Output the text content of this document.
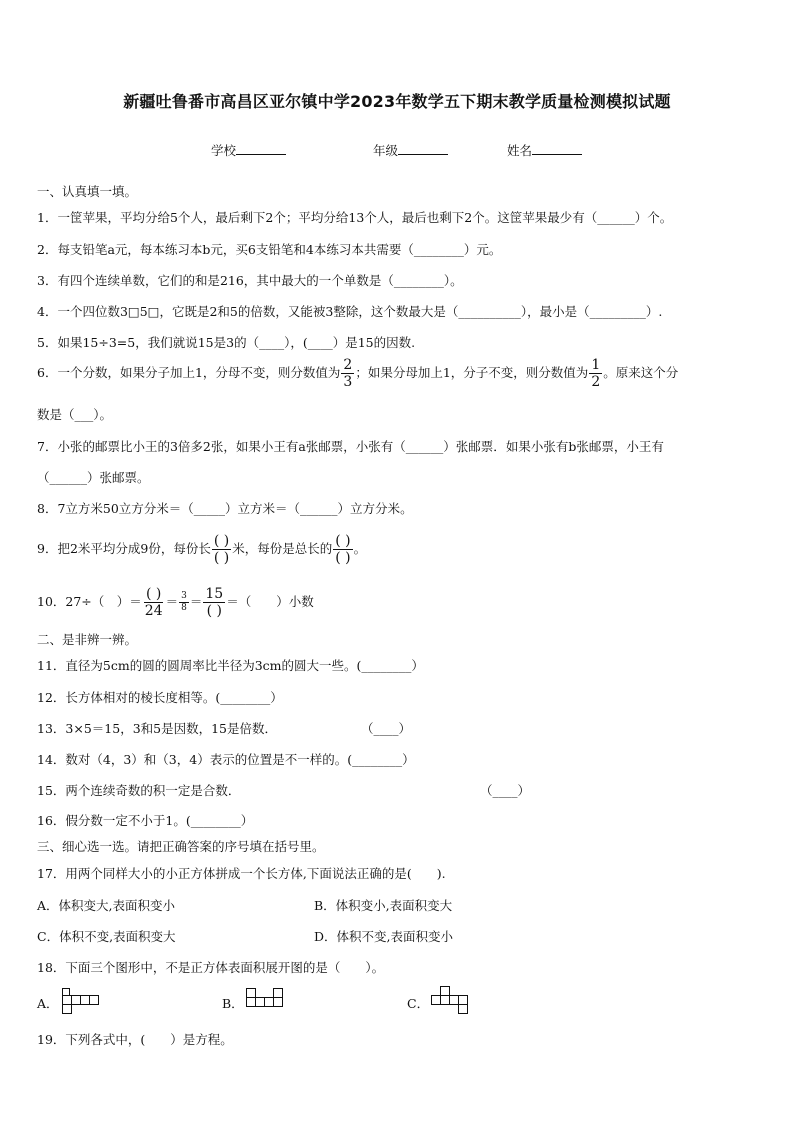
新疆吐鲁番市高昌区亚尔镇中学2023年数学五下期末教学质量检测模拟试题
学校	年级	姓名
一、认真填一填。
1．一筐苹果，平均分给5个人，最后剩下2个；平均分给13个人，最后也剩下2个。这筐苹果最少有（______）个。
2．每支铅笔a元，每本练习本b元，买6支铅笔和4本练习本共需要（________）元。
3．有四个连续单数，它们的和是216，其中最大的一个单数是（________）。
4．一个四位数3□5□，它既是2和5的倍数，又能被3整除，这个数最大是（__________），最小是（_________）.
5．如果15÷3=5，我们就说15是3的（____），(____）是15的因数.
6．一个分数，如果分子加上1，分母不变，则分数值为 $\frac{2}{3}$ ；如果分母加上1，分子不变，则分数值为 $\frac{1}{2}$ 。原来这个分
数是（___）。
7．小张的邮票比小王的3倍多2张，如果小王有a张邮票，小张有（______）张邮票．如果小张有b张邮票，小王有
（______）张邮票。
8．7立方米50立方分米＝（_____）立方米＝（______）立方分米。
9．把2米平均分成9份，每份长 $\frac{( )}{( )}$ 米，每份是总长的 $\frac{( )}{( )}$ 。
10．27÷（　）＝ $\frac{( )}{24} = \frac{3}{8} = \frac{15}{( )}$ ＝（　　）小数
二、是非辨一辨。
11．直径为5cm的圆的圆周率比半径为3cm的圆大一些。(________）
12．长方体相对的棱长度相等。(________）
13．3×5＝15，3和5是因数，15是倍数．	（____）
14．数对（4，3）和（3，4）表示的位置是不一样的。(________）
15．两个连续奇数的积一定是合数．	（____）
16．假分数一定不小于1。(________）
三、细心选一选。请把正确答案的序号填在括号里。
17．用两个同样大小的小正方体拼成一个长方体,下面说法正确的是(　　).
A．体积变大,表面积变小	B．体积变小,表面积变大
C．体积不变,表面积变大	D．体积不变,表面积变小
18．下面三个图形中，不是正方体表面积展开图的是（　　）。
A．	B．	C．
19．下列各式中，(　　）是方程。
